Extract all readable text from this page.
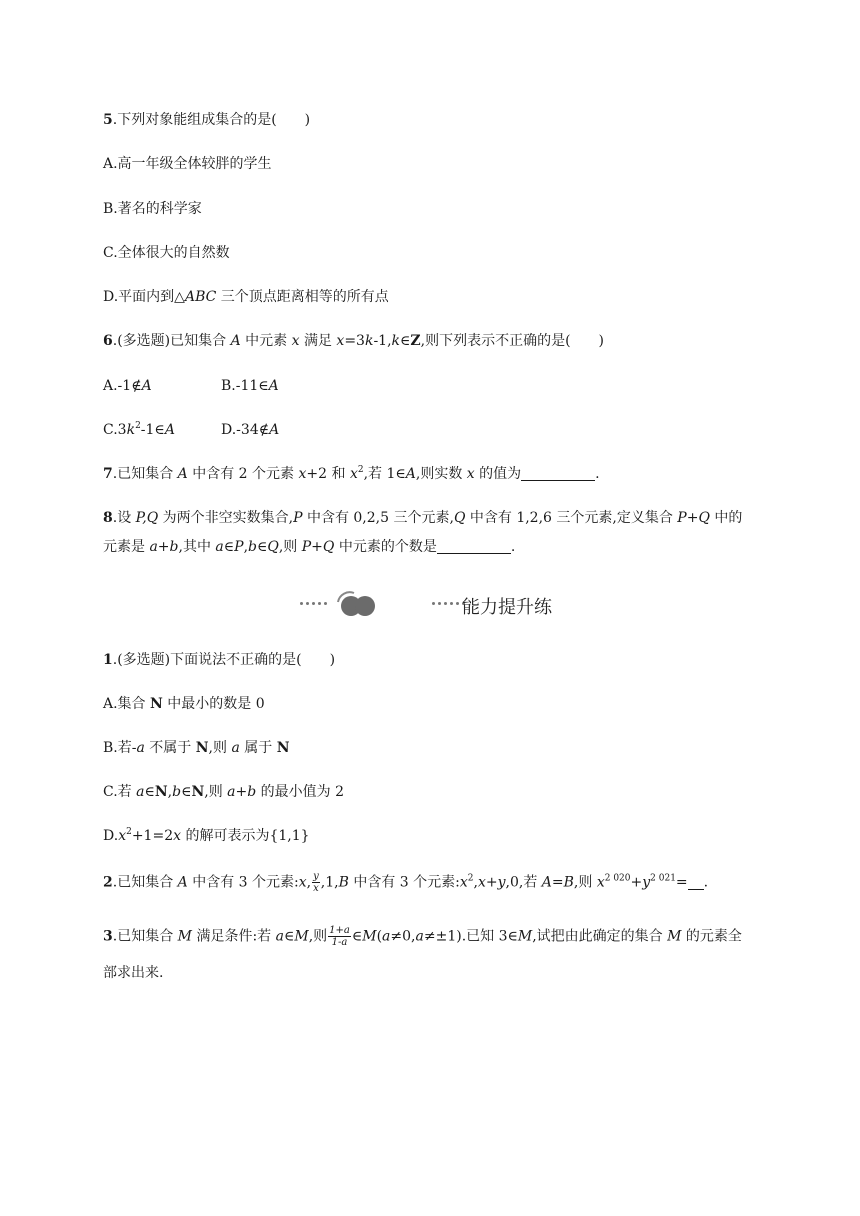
5.下列对象能组成集合的是(　　)
A.高一年级全体较胖的学生
B.著名的科学家
C.全体很大的自然数
D.平面内到△ABC 三个顶点距离相等的所有点
6.(多选题)已知集合 A 中元素 x 满足 x=3k-1,k∈Z,则下列表示不正确的是(　　)
A.-1∉A	B.-11∈A
$C.3k^2-1\in A$	D.-34∉A
7.已知集合 A 中含有 2 个元素 x+2 和 $x^2$,若 1∈A,则实数 x 的值为	.
8.设 P,Q 为两个非空实数集合,P 中含有 0,2,5 三个元素,Q 中含有 1,2,6 三个元素,定义集合 P+Q 中的
元素是 a+b,其中 a∈P,b∈Q,则 P+Q 中元素的个数是	.
能力提升练
1.(多选题)下面说法不正确的是(　　)
A.集合 N 中最小的数是 0
B.若-a 不属于 N,则 a 属于 N
C.若 a∈N,b∈N,则 a+b 的最小值为 2
$D.x^2+1=2x$ 的解可表示为{1,1}
2.已知集合 A 中含有 3 个元素:x, $\frac{y}{x} ,1,B$ 中含有 3 个元素$:x^2,x+y,0$,若 A=B,则 $x^{2 020}+y^{2 021}=$ .
3.已知集合 M 满足条件:若 a∈M,则 $\frac{1+a}{1-a}$ ∈M(a≠0,a≠±1).已知 3∈M,试把由此确定的集合 M 的元素全
部求出来.
